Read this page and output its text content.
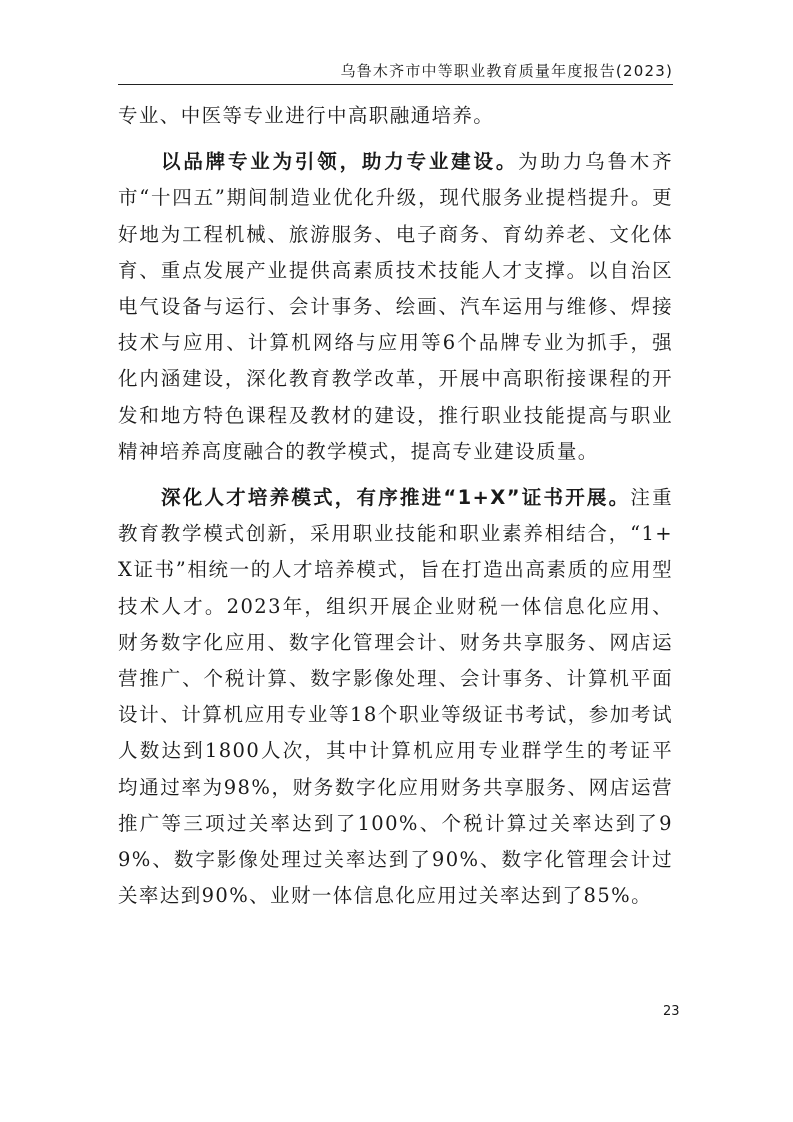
乌鲁木齐市中等职业教育质量年度报告(2023)

专业、中医等专业进行中高职融通培养。

以品牌专业为引领，助力专业建设。为助力乌鲁木齐市“十四五”期间制造业优化升级，现代服务业提档提升。更好地为工程机械、旅游服务、电子商务、育幼养老、文化体育、重点发展产业提供高素质技术技能人才支撑。以自治区电气设备与运行、会计事务、绘画、汽车运用与维修、焊接技术与应用、计算机网络与应用等6个品牌专业为抓手，强化内涵建设，深化教育教学改革，开展中高职衔接课程的开发和地方特色课程及教材的建设，推行职业技能提高与职业精神培养高度融合的教学模式，提高专业建设质量。

深化人才培养模式，有序推进“1+X”证书开展。注重教育教学模式创新，采用职业技能和职业素养相结合，“1+X证书”相统一的人才培养模式，旨在打造出高素质的应用型技术人才。2023年，组织开展企业财税一体信息化应用、财务数字化应用、数字化管理会计、财务共享服务、网店运营推广、个税计算、数字影像处理、会计事务、计算机平面设计、计算机应用专业等18个职业等级证书考试，参加考试人数达到1800人次，其中计算机应用专业群学生的考证平均通过率为98%，财务数字化应用财务共享服务、网店运营推广等三项过关率达到了100%、个税计算过关率达到了99%、数字影像处理过关率达到了90%、数字化管理会计过关率达到90%、业财一体信息化应用过关率达到了85%。

23
